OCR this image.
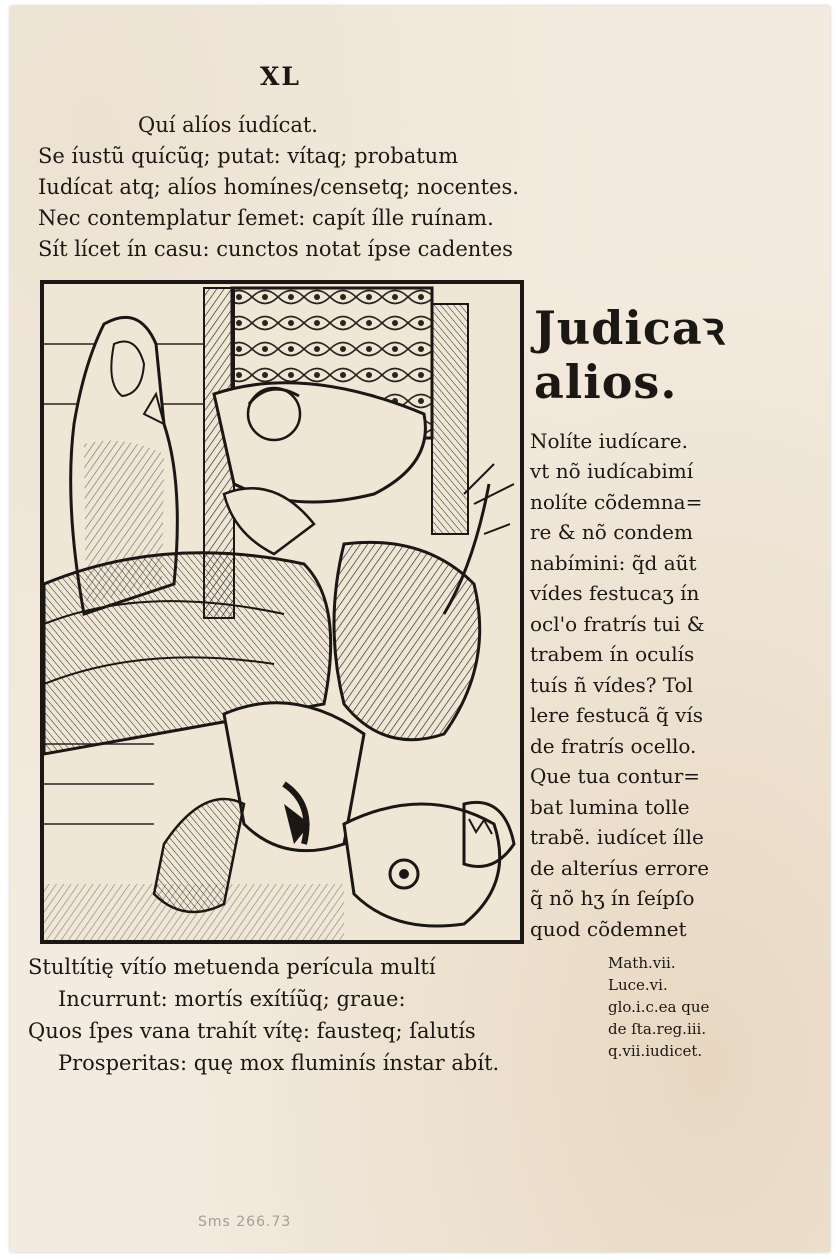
XL
Quí alíos íudícat.
Se íustũ quícũq; putat: vítaq; probatum
Iudícat atq; alíos homínes/censetq; nocentes.
Nec contemplatur ſemet: capít ílle ruínam.
Sít lícet ín casu: cunctos notat ípse cadentes
Judicaꝛ
alios.
Nolíte iudícare.
vt nõ iudícabimí
nolíte cõdemna=
re & nõ condem
nabímini: q̃d aũt
vídes festucaʒ ín
ocl'o fratrís tui &
trabem ín oculís
tuís ñ vídes? Tol
lere festucã q̃ vís
de fratrís ocello.
Que tua contur=
bat lumina tolle
trabẽ. iudícet ílle
de alteríus errore
q̃ nõ hʒ ín ſeípſo
quod cõdemnet
Math.vii.
Luce.vi.
glo.i.c.ea que
de ſta.reg.iii.
q.vii.iudicet.
Stultítię vítío metuenda perícula multí
Incurrunt: mortís exítíũq; graue:
Quos ſpes vana trahít vítę: fausteq; ſalutís
Prosperitas: quę mox fluminís ínstar abít.
Sms 266.73
